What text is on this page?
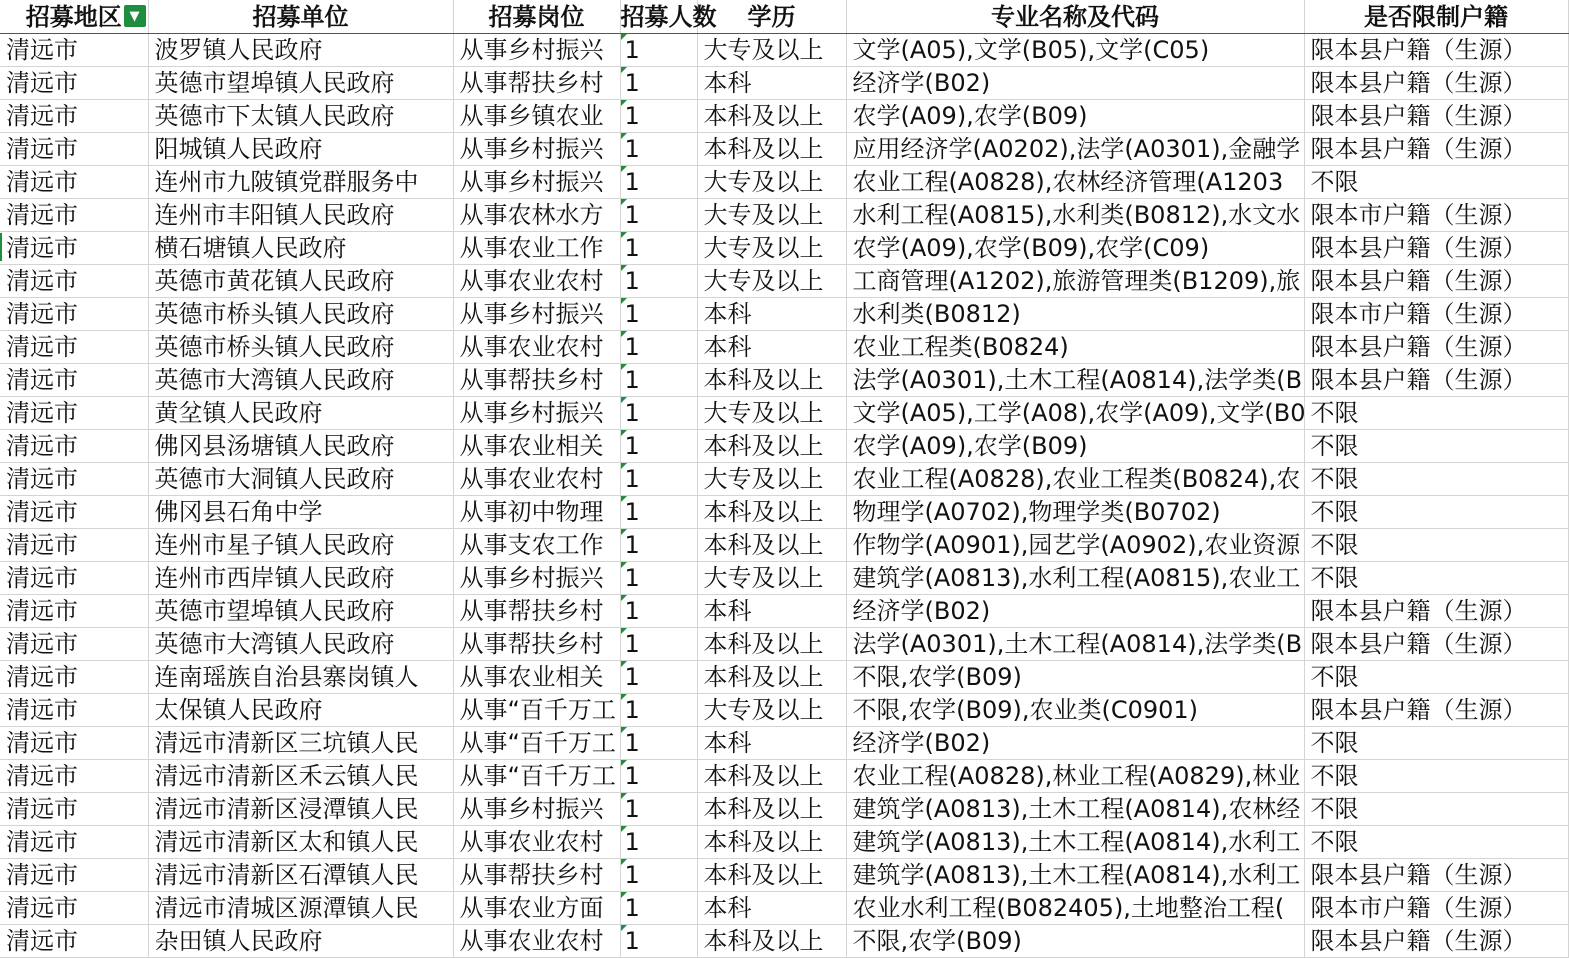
招募地区 ▼	招募单位	招募岗位	招募人数	学历	专业名称及代码	是否限制户籍
清远市	波罗镇人民政府	从事乡村振兴	1	大专及以上	文学(A05),文学(B05),文学(C05)	限本县户籍（生源）
清远市	英德市望埠镇人民政府	从事帮扶乡村	1	本科	经济学(B02)	限本县户籍（生源）
清远市	英德市下太镇人民政府	从事乡镇农业	1	本科及以上	农学(A09),农学(B09)	限本县户籍（生源）
清远市	阳城镇人民政府	从事乡村振兴	1	本科及以上	应用经济学(A0202),法学(A0301),金融学	限本县户籍（生源）
清远市	连州市九陂镇党群服务中	从事乡村振兴	1	大专及以上	农业工程(A0828),农林经济管理(A1203	不限
清远市	连州市丰阳镇人民政府	从事农林水方	1	大专及以上	水利工程(A0815),水利类(B0812),水文水	限本市户籍（生源）
清远市	横石塘镇人民政府	从事农业工作	1	大专及以上	农学(A09),农学(B09),农学(C09)	限本县户籍（生源）
清远市	英德市黄花镇人民政府	从事农业农村	1	大专及以上	工商管理(A1202),旅游管理类(B1209),旅	限本县户籍（生源）
清远市	英德市桥头镇人民政府	从事乡村振兴	1	本科	水利类(B0812)	限本市户籍（生源）
清远市	英德市桥头镇人民政府	从事农业农村	1	本科	农业工程类(B0824)	限本县户籍（生源）
清远市	英德市大湾镇人民政府	从事帮扶乡村	1	本科及以上	法学(A0301),土木工程(A0814),法学类(B	限本县户籍（生源）
清远市	黄坌镇人民政府	从事乡村振兴	1	大专及以上	文学(A05),工学(A08),农学(A09),文学(B0	不限
清远市	佛冈县汤塘镇人民政府	从事农业相关	1	本科及以上	农学(A09),农学(B09)	不限
清远市	英德市大洞镇人民政府	从事农业农村	1	大专及以上	农业工程(A0828),农业工程类(B0824),农	不限
清远市	佛冈县石角中学	从事初中物理	1	本科及以上	物理学(A0702),物理学类(B0702)	不限
清远市	连州市星子镇人民政府	从事支农工作	1	本科及以上	作物学(A0901),园艺学(A0902),农业资源	不限
清远市	连州市西岸镇人民政府	从事乡村振兴	1	大专及以上	建筑学(A0813),水利工程(A0815),农业工	不限
清远市	英德市望埠镇人民政府	从事帮扶乡村	1	本科	经济学(B02)	限本县户籍（生源）
清远市	英德市大湾镇人民政府	从事帮扶乡村	1	本科及以上	法学(A0301),土木工程(A0814),法学类(B	限本县户籍（生源）
清远市	连南瑶族自治县寨岗镇人	从事农业相关	1	本科及以上	不限,农学(B09)	不限
清远市	太保镇人民政府	从事“百千万工	1	大专及以上	不限,农学(B09),农业类(C0901)	限本县户籍（生源）
清远市	清远市清新区三坑镇人民	从事“百千万工	1	本科	经济学(B02)	不限
清远市	清远市清新区禾云镇人民	从事“百千万工	1	本科及以上	农业工程(A0828),林业工程(A0829),林业	不限
清远市	清远市清新区浸潭镇人民	从事乡村振兴	1	本科及以上	建筑学(A0813),土木工程(A0814),农林经	不限
清远市	清远市清新区太和镇人民	从事农业农村	1	本科及以上	建筑学(A0813),土木工程(A0814),水利工	不限
清远市	清远市清新区石潭镇人民	从事帮扶乡村	1	本科及以上	建筑学(A0813),土木工程(A0814),水利工	限本县户籍（生源）
清远市	清远市清城区源潭镇人民	从事农业方面	1	本科	农业水利工程(B082405),土地整治工程(	限本市户籍（生源）
清远市	杂田镇人民政府	从事农业农村	1	本科及以上	不限,农学(B09)	限本县户籍（生源）
